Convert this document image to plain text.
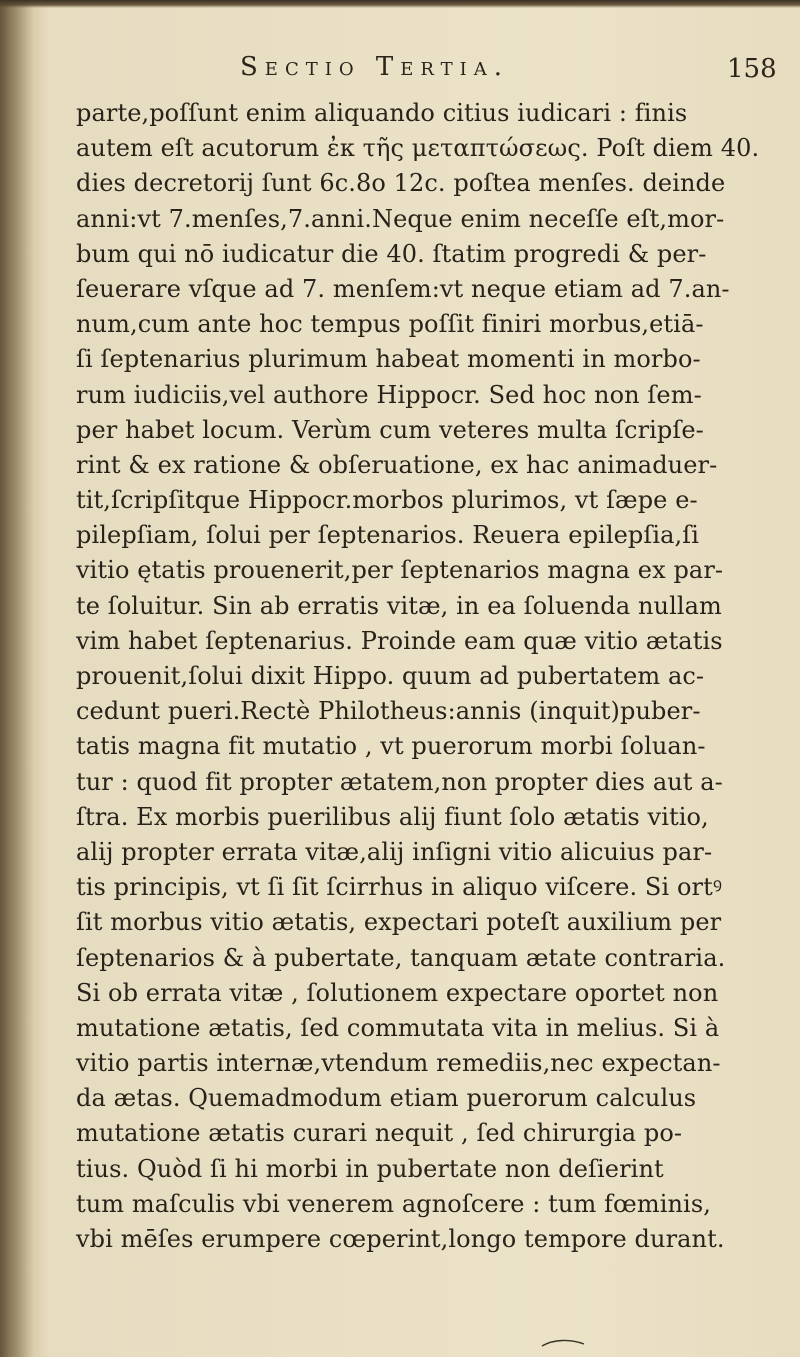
Sectio Tertia.	158
parte,poſſunt enim aliquando citius iudicari : finis
autem eſt acutorum ἐκ τῆς μεταπτώσεως. Poſt diem 40.
dies decretorij ſunt 6c.8o 12c. poſtea menſes. deinde
anni:vt 7.menſes,7.anni.Neque enim neceſſe eſt,mor-
bum qui nō iudicatur die 40. ſtatim progredi & per-
ſeuerare vſque ad 7. menſem:vt neque etiam ad 7.an-
num,cum ante hoc tempus poſſit finiri morbus,etiā-
ſi ſeptenarius plurimum habeat momenti in morbo-
rum iudiciis,vel authore Hippocr. Sed hoc non ſem-
per habet locum. Verùm cum veteres multa ſcripſe-
rint & ex ratione & obſeruatione, ex hac animaduer-
tit,ſcripſitque Hippocr.morbos plurimos, vt ſæpe e-
pilepſiam, ſolui per ſeptenarios. Reuera epilepſia,ſi
vitio ętatis prouenerit,per ſeptenarios magna ex par-
te ſoluitur. Sin ab erratis vitæ, in ea ſoluenda nullam
vim habet ſeptenarius. Proinde eam quæ vitio ætatis
prouenit,ſolui dixit Hippo. quum ad pubertatem ac-
cedunt pueri.Rectè Philotheus:annis (inquit)puber-
tatis magna fit mutatio , vt puerorum morbi ſoluan-
tur : quod fit propter ætatem,non propter dies aut a-
ſtra. Ex morbis puerilibus alij fiunt ſolo ætatis vitio,
alij propter errata vitæ,alij inſigni vitio alicuius par-
tis principis, vt ſi ſit ſcirrhus in aliquo viſcere. Si ortꝰ
ſit morbus vitio ætatis, expectari poteſt auxilium per
ſeptenarios & à pubertate, tanquam ætate contraria.
Si ob errata vitæ , ſolutionem expectare oportet non
mutatione ætatis, ſed commutata vita in melius. Si à
vitio partis internæ,vtendum remediis,nec expectan-
da ætas. Quemadmodum etiam puerorum calculus
mutatione ætatis curari nequit , ſed chirurgia po-
tius. Quòd ſi hi morbi in pubertate non deſierint
tum maſculis vbi venerem agnoſcere : tum fœminis,
vbi mēſes erumpere cœperint,longo tempore durant.
